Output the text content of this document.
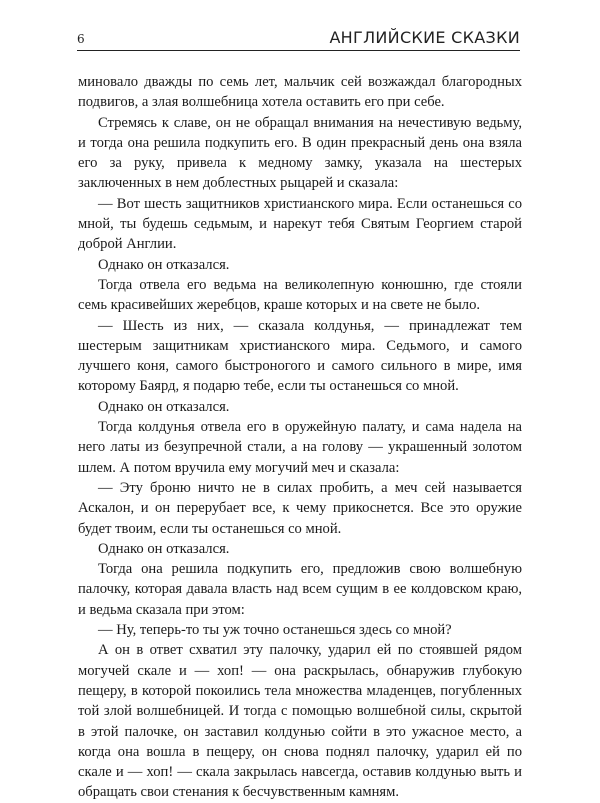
6	АНГЛИЙСКИЕ СКАЗКИ

миновало дважды по семь лет, мальчик сей возжаждал благородных подвигов, а злая волшебница хотела оставить его при себе.

Стремясь к славе, он не обращал внимания на нечестивую ведьму, и тогда она решила подкупить его. В один прекрасный день она взяла его за руку, привела к медному замку, указала на шестерых заключенных в нем доблестных рыцарей и сказала:

— Вот шесть защитников христианского мира. Если останешься со мной, ты будешь седьмым, и нарекут тебя Святым Георгием старой доброй Англии.

Однако он отказался.

Тогда отвела его ведьма на великолепную конюшню, где стояли семь красивейших жеребцов, краше которых и на свете не было.

— Шесть из них, — сказала колдунья, — принадлежат тем шестерым защитникам христианского мира. Седьмого, и самого лучшего коня, самого быстроногого и самого сильного в мире, имя которому Баярд, я подарю тебе, если ты останешься со мной.

Однако он отказался.

Тогда колдунья отвела его в оружейную палату, и сама надела на него латы из безупречной стали, а на голову — украшенный золотом шлем. А потом вручила ему могучий меч и сказала:

— Эту броню ничто не в силах пробить, а меч сей называется Аскалон, и он перерубает все, к чему прикоснется. Все это оружие будет твоим, если ты останешься со мной.

Однако он отказался.

Тогда она решила подкупить его, предложив свою волшебную палочку, которая давала власть над всем сущим в ее колдовском краю, и ведьма сказала при этом:

— Ну, теперь-то ты уж точно останешься здесь со мной?

А он в ответ схватил эту палочку, ударил ей по стоявшей рядом могучей скале и — хоп! — она раскрылась, обнаружив глубокую пещеру, в которой покоились тела множества младенцев, погубленных той злой волшебницей. И тогда с помощью волшебной силы, скрытой в этой палочке, он заставил колдунью сойти в это ужасное место, а когда она вошла в пещеру, он снова поднял палочку, ударил ей по скале и — хоп! — скала закрылась навсегда, оставив колдунью выть и обращать свои стенания к бесчувственным камням.
